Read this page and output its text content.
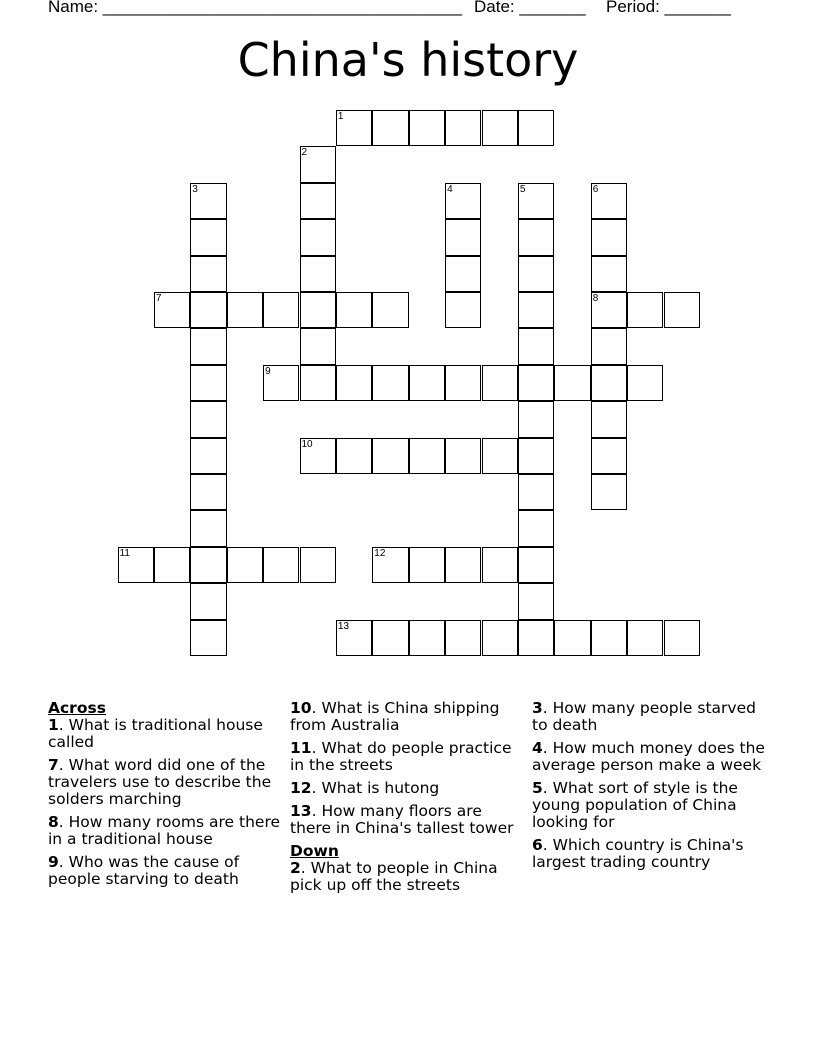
Name: ______________________________________ Date: _______ Period: _______
China's history
1
2
3	4	5	6
8
7
9
10
11	12
13

Across

1. What is traditional house called

7. What word did one of the travelers use to describe the solders marching

8. How many rooms are there in a traditional house

9. Who was the cause of people starving to death

10. What is China shipping from Australia

11. What do people practice in the streets

12. What is hutong

13. How many floors are there in China's tallest tower

Down

2. What to people in China pick up off the streets

3. How many people starved to death

4. How much money does the average person make a week

5. What sort of style is the young population of China looking for

6. Which country is China's largest trading country
